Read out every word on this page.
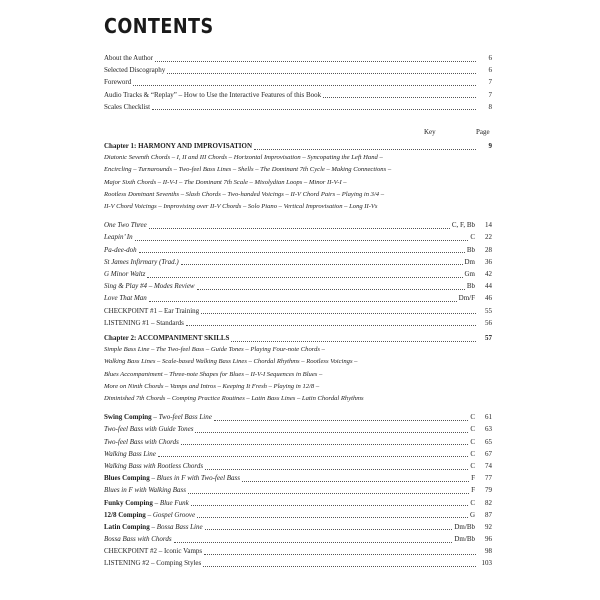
CONTENTS
About the Author	6
Selected Discography	6
Foreword	7
Audio Tracks & “Replay” – How to Use the Interactive Features of this Book	7
Scales Checklist	8
Key	Page
Chapter 1: HARMONY AND IMPROVISATION	9
Diatonic Seventh Chords – I, II and III Chords – Horizontal Improvisation – Syncopating the Left Hand –
Encircling – Turnarounds – Two-feel Bass Lines – Shells – The Dominant 7th Cycle – Making Connections –
Major Sixth Chords – II-V-I – The Dominant 7th Scale – Mixolydian Loops – Minor II-V-I –
Rootless Dominant Sevenths – Slash Chords – Two-handed Voicings – II-V Chord Pairs – Playing in 3/4 –
II-V Chord Voicings – Improvising over II-V Chords – Solo Piano – Vertical Improvisation – Long II-Vs
One Two Three	C, F, Bb	14
Leapin’ In	C	22
Pa-dee-doh	Bb	28
St James Infirmary (Trad.)	Dm	36
G Minor Waltz	Gm	42
Sing & Play #4 – Modes Review	Bb	44
Love That Man	Dm/F	46
CHECKPOINT #1 – Ear Training	55
LISTENING #1 – Standards	56
Chapter 2: ACCOMPANIMENT SKILLS	57
Simple Bass Line – The Two-feel Bass – Guide Tones – Playing Four-note Chords –
Walking Bass Lines – Scale-based Walking Bass Lines – Chordal Rhythms – Rootless Voicings –
Blues Accompaniment – Three-note Shapes for Blues – II-V-I Sequences in Blues –
More on Ninth Chords – Vamps and Intros – Keeping It Fresh – Playing in 12/8 –
Diminished 7th Chords – Comping Practice Routines – Latin Bass Lines – Latin Chordal Rhythms
Swing Comping – Two-feel Bass Line	C	61
Two-feel Bass with Guide Tones	C	63
Two-feel Bass with Chords	C	65
Walking Bass Line	C	67
Walking Bass with Rootless Chords	C	74
Blues Comping – Blues in F with Two-feel Bass	F	77
Blues in F with Walking Bass	F	79
Funky Comping – Blue Funk	C	82
12/8 Comping – Gospel Groove	G	87
Latin Comping – Bossa Bass Line	Dm/Bb	92
Bossa Bass with Chords	Dm/Bb	96
CHECKPOINT #2 – Iconic Vamps	98
LISTENING #2 – Comping Styles	103
